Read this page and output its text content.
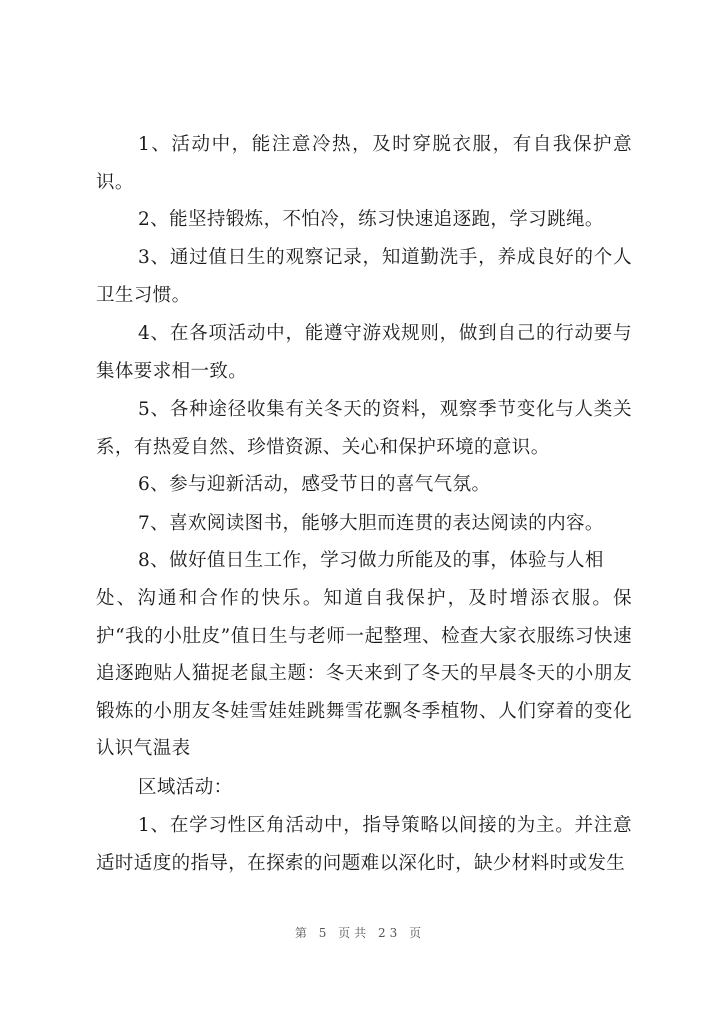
1、活动中，能注意冷热，及时穿脱衣服，有自我保护意识。

2、能坚持锻炼，不怕冷，练习快速追逐跑，学习跳绳。

3、通过值日生的观察记录，知道勤洗手，养成良好的个人卫生习惯。

4、在各项活动中，能遵守游戏规则，做到自己的行动要与集体要求相一致。

5、各种途径收集有关冬天的资料，观察季节变化与人类关系，有热爱自然、珍惜资源、关心和保护环境的意识。

6、参与迎新活动，感受节日的喜气气氛。

7、喜欢阅读图书，能够大胆而连贯的表达阅读的内容。

8、做好值日生工作，学习做力所能及的事，体验与人相

处、沟通和合作的快乐。知道自我保护，及时增添衣服。保护“我的小肚皮”值日生与老师一起整理、检查大家衣服练习快速追逐跑贴人猫捉老鼠主题：冬天来到了冬天的早晨冬天的小朋友锻炼的小朋友冬娃雪娃娃跳舞雪花飘冬季植物、人们穿着的变化认识气温表

区域活动：

1、在学习性区角活动中，指导策略以间接的为主。并注意适时适度的指导，在探索的问题难以深化时，缺少材料时或发生

第 5 页共 23 页
